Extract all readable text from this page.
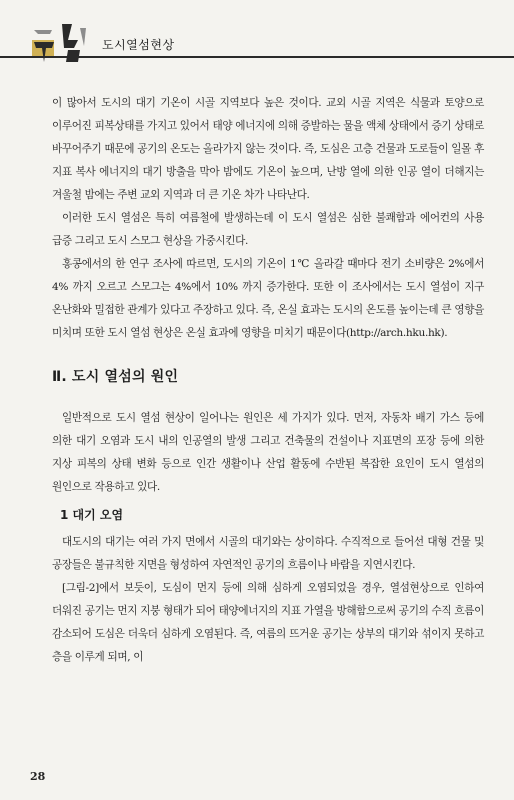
도시열섬현상

이 많아서 도시의 대기 기온이 시골 지역보다 높은 것이다. 교외 시골 지역은 식물과 토양으로 이루어진 피복상태를 가지고 있어서 태양 에너지에 의해 증발하는 물을 액체 상태에서 증기 상태로 바꾸어주기 때문에 공기의 온도는 올라가지 않는 것이다. 즉, 도심은 고층 건물과 도로들이 일몰 후 지표 복사 에너지의 대기 방출을 막아 밤에도 기온이 높으며, 난방 열에 의한 인공 열이 더해지는 겨울철 밤에는 주변 교외 지역과 더 큰 기온 차가 나타난다.

이러한 도시 열섬은 특히 여름철에 발생하는데 이 도시 열섬은 심한 불쾌함과 에어컨의 사용 급증 그리고 도시 스모그 현상을 가중시킨다.

홍콩에서의 한 연구 조사에 따르면, 도시의 기온이 1℃ 올라갈 때마다 전기 소비량은 2%에서 4% 까지 오르고 스모그는 4%에서 10% 까지 증가한다. 또한 이 조사에서는 도시 열섬이 지구 온난화와 밀접한 관계가 있다고 주장하고 있다. 즉, 온실 효과는 도시의 온도를 높이는데 큰 영향을 미치며 또한 도시 열섬 현상은 온실 효과에 영향을 미치기 때문이다(http://arch.hku.hk).

Ⅱ. 도시 열섬의 원인

일반적으로 도시 열섬 현상이 일어나는 원인은 세 가지가 있다. 먼저, 자동차 배기 가스 등에 의한 대기 오염과 도시 내의 인공열의 발생 그리고 건축물의 건설이나 지표면의 포장 등에 의한 지상 피복의 상태 변화 등으로 인간 생활이나 산업 활동에 수반된 복잡한 요인이 도시 열섬의 원인으로 작용하고 있다.

1 대기 오염

대도시의 대기는 여러 가지 면에서 시골의 대기와는 상이하다. 수직적으로 들어선 대형 건물 및 공장들은 불규칙한 지면을 형성하여 자연적인 공기의 흐름이나 바람을 지연시킨다.

[그림-2]에서 보듯이, 도심이 먼지 등에 의해 심하게 오염되었을 경우, 열섬현상으로 인하여 더워진 공기는 먼지 지붕 형태가 되어 태양에너지의 지표 가열을 방해함으로써 공기의 수직 흐름이 감소되어 도심은 더욱더 심하게 오염된다. 즉, 여름의 뜨거운 공기는 상부의 대기와 섞이지 못하고 층을 이루게 되며, 이

28
